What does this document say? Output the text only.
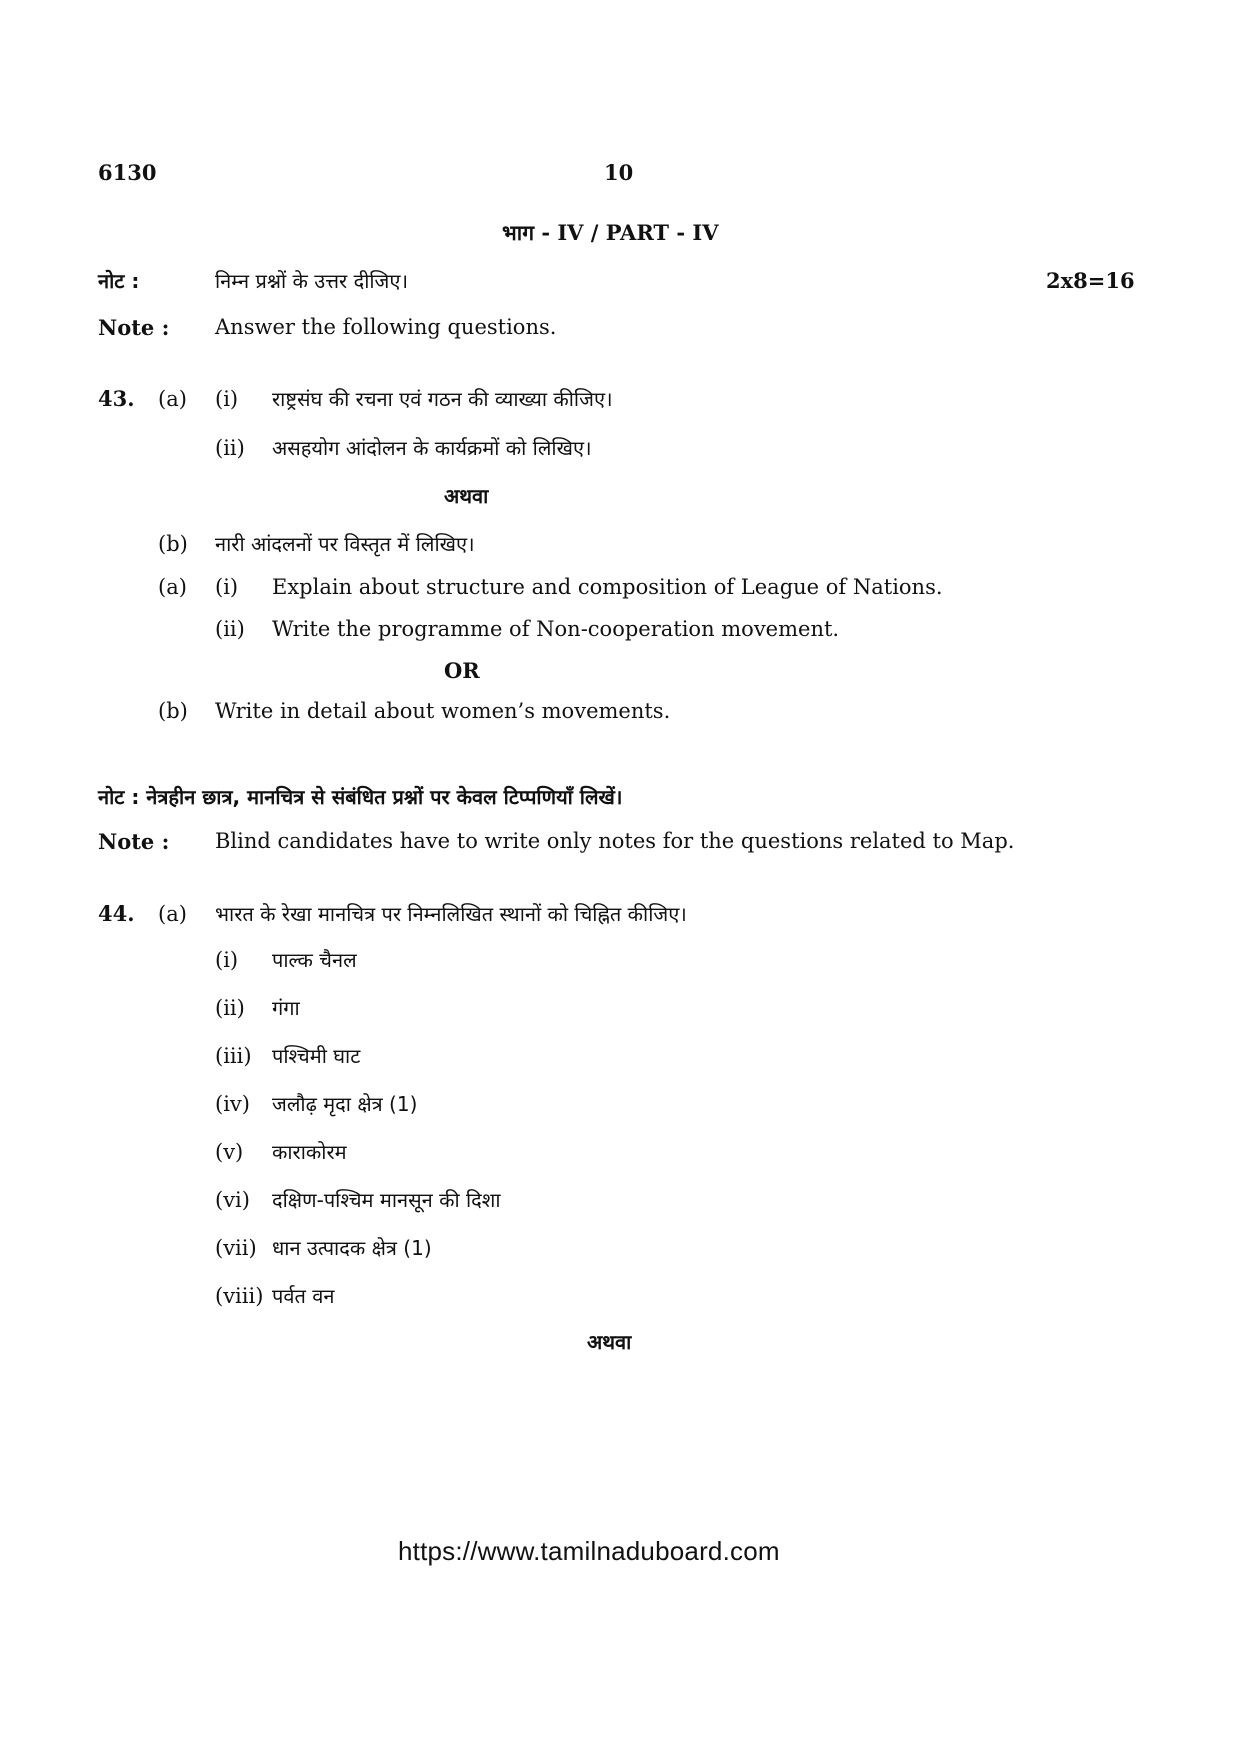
6130	10
भाग - IV / PART - IV
नोट :	निम्न प्रश्नों के उत्तर दीजिए।	2x8=16
Note : Answer the following questions.
43. (a) (i) राष्ट्रसंघ की रचना एवं गठन की व्याख्या कीजिए।
(ii) असहयोग आंदोलन के कार्यक्रमों को लिखिए।
अथवा
(b) नारी आंदलनों पर विस्तृत में लिखिए।
(a) (i) Explain about structure and composition of League of Nations.
(ii) Write the programme of Non-cooperation movement.
OR
(b) Write in detail about women’s movements.
नोट : नेत्रहीन छात्र, मानचित्र से संबंधित प्रश्नों पर केवल टिप्पणियाँ लिखें।
Note : Blind candidates have to write only notes for the questions related to Map.
44. (a) भारत के रेखा मानचित्र पर निम्नलिखित स्थानों को चिह्नित कीजिए।
(i) पाल्क चैनल
(ii) गंगा
(iii) पश्चिमी घाट
(iv) जलौढ़ मृदा क्षेत्र (1)
(v) काराकोरम
(vi) दक्षिण-पश्चिम मानसून की दिशा
(vii) धान उत्पादक क्षेत्र (1)
(viii) पर्वत वन
अथवा
https://www.tamilnaduboard.com
